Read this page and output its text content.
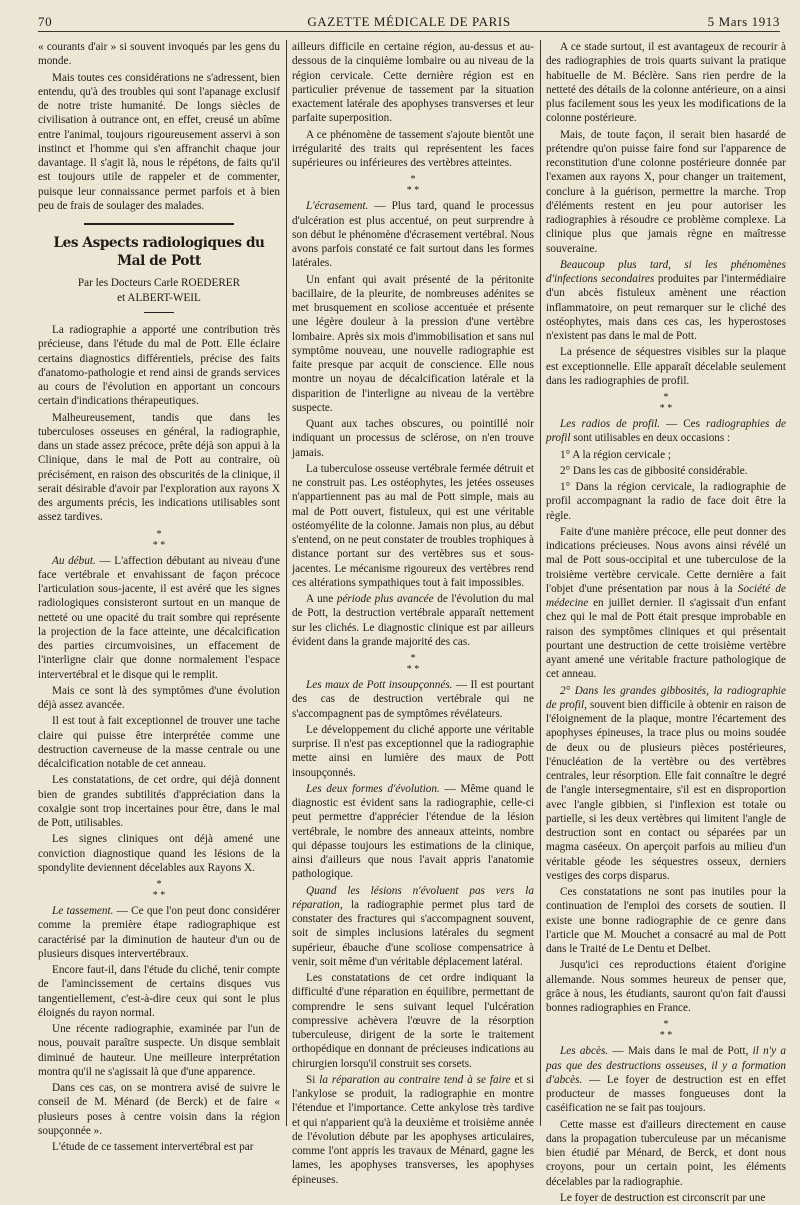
70	GAZETTE MÉDICALE DE PARIS	5 Mars 1913

« courants d'air » si souvent invoqués par les gens du monde.

Mais toutes ces considérations ne s'adressent, bien entendu, qu'à des troubles qui sont l'apanage exclusif de notre triste humanité. De longs siècles de civilisation à outrance ont, en effet, creusé un abîme entre l'animal, toujours rigoureusement asservi à son instinct et l'homme qui s'en affranchit chaque jour davantage. Il s'agit là, nous le répétons, de faits qu'il est toujours utile de rappeler et de commenter, puisque leur connaissance permet parfois et à bien peu de frais de soulager des malades.

Les Aspects radiologiques du Mal de Pott
Par les Docteurs Carle ROEDERER
et ALBERT-WEIL

La radiographie a apporté une contribution très précieuse, dans l'étude du mal de Pott. Elle éclaire certains diagnostics différentiels, précise des faits d'anatomo-pathologie et rend ainsi de grands services au cours de l'évolution en apportant un concours certain d'indications thérapeutiques.

Malheureusement, tandis que dans les tuberculoses osseuses en général, la radiographie, dans un stade assez précoce, prête déjà son appui à la Clinique, dans le mal de Pott au contraire, où précisément, en raison des obscurités de la clinique, il serait désirable d'avoir par l'exploration aux rayons X des arguments précis, les indications utilisables sont assez tardives.

*
* *

Au début. — L'affection débutant au niveau d'une face vertébrale et envahissant de façon précoce l'articulation sous-jacente, il est avéré que les signes radiologiques consisteront surtout en un manque de netteté ou une opacité du trait sombre qui représente la projection de la face atteinte, une décalcification des parties circumvoisines, un effacement de l'interligne clair que donne normalement l'espace intervertébral et le disque qui le remplit.

Mais ce sont là des symptômes d'une évolution déjà assez avancée.

Il est tout à fait exceptionnel de trouver une tache claire qui puisse être interprétée comme une destruction caverneuse de la masse centrale ou une décalcification notable de cet anneau.

Les constatations, de cet ordre, qui déjà donnent bien de grandes subtilités d'appréciation dans la coxalgie sont trop incertaines pour être, dans le mal de Pott, utilisables.

Les signes cliniques ont déjà amené une conviction diagnostique quand les lésions de la spondylite deviennent décelables aux Rayons X.

*
* *

Le tassement. — Ce que l'on peut donc considérer comme la première étape radiographique est caractérisé par la diminution de hauteur d'un ou de plusieurs disques intervertébraux.

Encore faut-il, dans l'étude du cliché, tenir compte de l'amincissement de certains disques vus tangentiellement, c'est-à-dire ceux qui sont le plus éloignés du rayon normal.

Une récente radiographie, examinée par l'un de nous, pouvait paraître suspecte. Un disque semblait diminué de hauteur. Une meilleure interprétation montra qu'il ne s'agissait là que d'une apparence.

Dans ces cas, on se montrera avisé de suivre le conseil de M. Ménard (de Berck) et de faire « plusieurs poses à centre voisin dans la région soupçonnée ».

L'étude de ce tassement intervertébral est par

ailleurs difficile en certaine région, au-dessus et au-dessous de la cinquième lombaire ou au niveau de la région cervicale. Cette dernière région est en particulier prévenue de tassement par la situation exactement latérale des apophyses transverses et leur parfaite superposition.

A ce phénomène de tassement s'ajoute bientôt une irrégularité des traits qui représentent les faces supérieures ou inférieures des vertèbres atteintes.

*
* *

L'écrasement. — Plus tard, quand le processus d'ulcération est plus accentué, on peut surprendre à son début le phénomène d'écrasement vertébral. Nous avons parfois constaté ce fait surtout dans les formes latérales.

Un enfant qui avait présenté de la péritonite bacillaire, de la pleurite, de nombreuses adénites se met brusquement en scoliose accentuée et présente une légère douleur à la pression d'une vertèbre lombaire. Après six mois d'immobilisation et sans nul symptôme nouveau, une nouvelle radiographie est faite presque par acquit de conscience. Elle nous montre un noyau de décalcification latérale et la disparition de l'interligne au niveau de la vertèbre suspecte.

Quant aux taches obscures, ou pointillé noir indiquant un processus de sclérose, on n'en trouve jamais.

La tuberculose osseuse vertébrale fermée détruit et ne construit pas. Les ostéophytes, les jetées osseuses n'appartiennent pas au mal de Pott simple, mais au mal de Pott ouvert, fistuleux, qui est une véritable ostéomyélite de la colonne. Jamais non plus, au début s'entend, on ne peut constater de troubles trophiques à distance portant sur des vertèbres sus et sous-jacentes. Le mécanisme rigoureux des vertèbres rend ces altérations sympathiques tout à fait impossibles.

A une période plus avancée de l'évolution du mal de Pott, la destruction vertébrale apparaît nettement sur les clichés. Le diagnostic clinique est par ailleurs évident dans la grande majorité des cas.

*
* *

Les maux de Pott insoupçonnés. — Il est pourtant des cas de destruction vertébrale qui ne s'accompagnent pas de symptômes révélateurs.

Le développement du cliché apporte une véritable surprise. Il n'est pas exceptionnel que la radiographie mette ainsi en lumière des maux de Pott insoupçonnés.

Les deux formes d'évolution. — Même quand le diagnostic est évident sans la radiographie, celle-ci peut permettre d'apprécier l'étendue de la lésion vertébrale, le nombre des anneaux atteints, nombre qui dépasse toujours les estimations de la clinique, ainsi d'ailleurs que nous l'avait appris l'anatomie pathologique.

Quand les lésions n'évoluent pas vers la réparation, la radiographie permet plus tard de constater des fractures qui s'accompagnent souvent, soit de simples inclusions latérales du segment supérieur, ébauche d'une scoliose compensatrice à venir, soit même d'un véritable déplacement latéral.

Les constatations de cet ordre indiquant la difficulté d'une réparation en équilibre, permettant de comprendre le sens suivant lequel l'ulcération compressive achèvera l'œuvre de la résorption tuberculeuse, dirigent de la sorte le traitement orthopédique en donnant de précieuses indications au chirurgien lorsqu'il construit ses corsets.

Si la réparation au contraire tend à se faire et si l'ankylose se produit, la radiographie en montre l'étendue et l'importance. Cette ankylose très tardive et qui n'apparient qu'à la deuxième et troisième année de l'évolution débute par les apophyses articulaires, comme l'ont appris les travaux de Ménard, gagne les lames, les apophyses transverses, les apophyses épineuses.

A ce stade surtout, il est avantageux de recourir à des radiographies de trois quarts suivant la pratique habituelle de M. Béclère. Sans rien perdre de la netteté des détails de la colonne antérieure, on a ainsi plus facilement sous les yeux les modifications de la colonne postérieure.

Mais, de toute façon, il serait bien hasardé de prétendre qu'on puisse faire fond sur l'apparence de reconstitution d'une colonne postérieure donnée par l'examen aux rayons X, pour changer un traitement, conclure à la guérison, permettre la marche. Trop d'éléments restent en jeu pour autoriser les radiographies à résoudre ce problème complexe. La clinique plus que jamais règne en maîtresse souveraine.

Beaucoup plus tard, si les phénomènes d'infections secondaires produites par l'intermédiaire d'un abcès fistuleux amènent une réaction inflammatoire, on peut remarquer sur le cliché des ostéophytes, mais dans ces cas, les hyperostoses n'existent pas dans le mal de Pott.

La présence de séquestres visibles sur la plaque est exceptionnelle. Elle apparaît décelable seulement dans les radiographies de profil.

*
* *

Les radios de profil. — Ces radiographies de profil sont utilisables en deux occasions :

1° A la région cervicale ;

2° Dans les cas de gibbosité considérable.

1° Dans la région cervicale, la radiographie de profil accompagnant la radio de face doit être la règle.

Faite d'une manière précoce, elle peut donner des indications précieuses. Nous avons ainsi révélé un mal de Pott sous-occipital et une tuberculose de la troisième vertèbre cervicale. Cette dernière a fait l'objet d'une présentation par nous à la Société de médecine en juillet dernier. Il s'agissait d'un enfant chez qui le mal de Pott était presque improbable en raison des symptômes cliniques et qui présentait pourtant une destruction de cette troisième vertèbre ayant amené une véritable fracture pathologique de cet anneau.

2° Dans les grandes gibbosités, la radiographie de profil, souvent bien difficile à obtenir en raison de l'éloignement de la plaque, montre l'écartement des apophyses épineuses, la trace plus ou moins soudée de deux ou de plusieurs pièces postérieures, l'énucléation de la vertèbre ou des vertèbres centrales, leur résorption. Elle fait connaître le degré de l'angle intersegmentaire, s'il est en disproportion avec l'angle gibbien, si l'inflexion est totale ou partielle, si les deux vertèbres qui limitent l'angle de destruction sont en contact ou séparées par un magma caséeux. On aperçoit parfois au milieu d'un véritable géode les séquestres osseux, derniers vestiges des corps disparus.

Ces constatations ne sont pas inutiles pour la continuation de l'emploi des corsets de soutien. Il existe une bonne radiographie de ce genre dans l'article que M. Mouchet a consacré au mal de Pott dans le Traité de Le Dentu et Delbet.

Jusqu'ici ces reproductions étaient d'origine allemande. Nous sommes heureux de penser que, grâce à nous, les étudiants, sauront qu'on fait d'aussi bonnes radiographies en France.

*
* *

Les abcès. — Mais dans le mal de Pott, il n'y a pas que des destructions osseuses, il y a formation d'abcès. — Le foyer de destruction est en effet producteur de masses fongueuses dont la caséification ne se fait pas toujours.

Cette masse est d'ailleurs directement en cause dans la propagation tuberculeuse par un mécanisme bien étudié par Ménard, de Berck, et dont nous croyons, pour un certain point, les éléments décelables par la radiographie.

Le foyer de destruction est circonscrit par une
